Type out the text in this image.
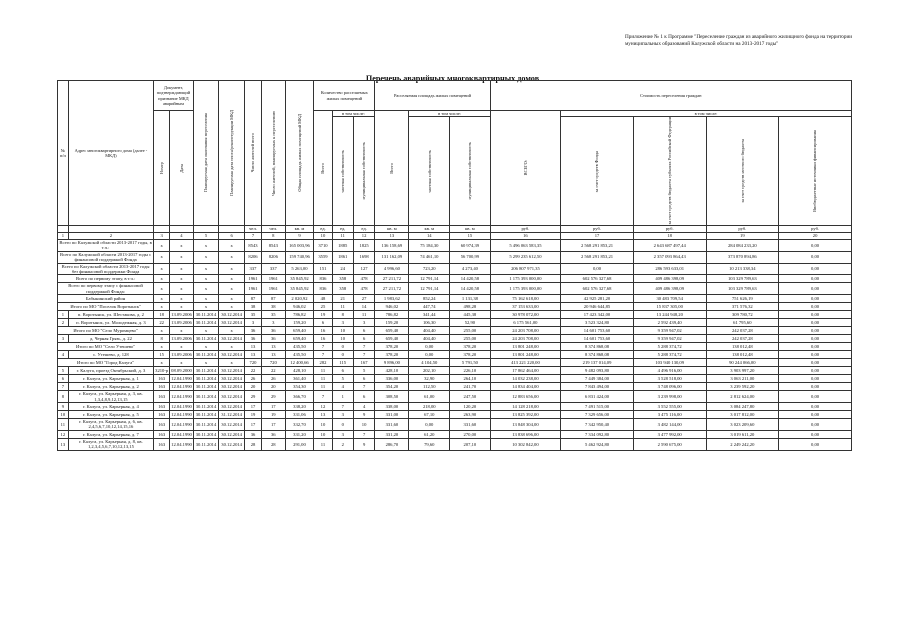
Приложение № 1 к Программе "Переселение граждан из аварийного жилищного фонда на территории муниципальных образований Калужской области на 2013-2017 годы"
Перечень аварийных многоквартирных домов
№ п/п	Адрес многоквартирного дома (далее - МКД)	Документ, подтверждающий признание МКД аварийным		Планируемая дата окончания переселения	Планируемая дата сноса/реконструкции МКД	Число жителей всего	Число жителей, планируемых к переселению	Общая площадь жилых помещений МКД	Количество расселяемых жилых помещений			Расселяемая площадь жилых помещений			Стоимость переселения граждан				

		Номер	Дата						Всего	в том числе:		Всего	в том числе:		ВСЕГО:	в том числе:			

										частная собственность	муниципальная собственность		частная собственность	муниципальная собственность		за счет средств Фонда	за счет средств бюджета субъекта Российской Федерации	за счет средств местного бюджета	Внебюджетные источники финансирования

						чел.	чел.	кв. м	ед.	ед.	ед.	кв. м	кв. м	кв. м	руб.	руб.	руб.	руб.	руб.
1	2	3	4	5	6	7	8	9	10	11	12	13	14	15	16	17	18	19	20
Всего по Калужской области 2013-2017 годы, в т.ч.:		x	x	x	x	8543	8543	165 003,96	3710	1885	1825	136 158,69	75 184,30	60 974,39	5 496 063 583,35	2 568 291 853,21	2 643 687 497,44	284 084 233,20	0,00
Всего по Калужской области 2013-2017 годы с финансовой поддержкой Фонда		x	x	x	x	8206	8206	159 740,96	3559	1861	1698	131 162,09	74 461,10	56 700,99	5 299 235 612,50	2 568 291 853,21	2 357 093 864,43	373 870 894,86	0,00
Всего по Калужской области 2013-2017 годы без финансовой поддержки Фонда		x	x	x	x	337	337	5 263,00	151	24	127	4 996,60	723,20	4 273,40	206 807 971,35	0,00	286 593 633,01	10 213 338,34	0,00
Всего по первому этапу, в т.ч.:		x	x	x	x	1961	1961	35 845,92	836	358	478	27 211,72	12 791,14	14 420,58	1 175 393 000,00	602 576 327,68	409 486 398,09	103 329 789,63	0,00
Всего по первому этапу с финансовой поддержкой Фонда:		x	x	x	x	1961	1961	35 845,92	836	358	478	27 211,72	12 791,14	14 420,58	1 175 393 000,00	602 576 327,68	409 486 398,09	103 329 789,63	0,00
Бабынинский район		x	x	x	x	87	87	2 020,92	48	21	27	1 983,62	852,24	1 131,38	75 162 618,00	42 925 281,20	30 483 709,54	751 626,19	0,00
Итого по МО "Поселок Воротынск"		x	x	x	x	38	38	946,02	25	11	14	946,02	447,74	498,28	37 153 633,00	20 946 644,85	15 837 305,00	371 576,32	0,00
1	п. Воротынск, ул. Шестакова, д. 2	18	13.09.2006	30.11.2014	30.12.2014	35	35	786,82	19	8	11	786,82	341,44	445,38	30 978 072,00	17 423 342,00	13 244 948,20	309 780,72	0,00
2	п. Воротынск, ул. Молодежная, д. 3	22	13.09.2006	30.11.2014	30.12.2014	3	3	159,20	6	3	3	159,20	106,30	52,90	6 175 561,00	3 523 324,80	2 592 439,40	61 795,60	0,00
Итого по МО "Село Муромцево"		x	x	x	x	36	36	659,40	16	10	6	659,40	404,40	255,00	24 203 708,00	14 601 753,60	9 359 947,02	242 037,28	0,00
3	д. Черная Грязь, д. 22	8	13.09.2006	30.11.2014	30.12.2014	36	36	659,40	16	10	6	659,40	404,40	255,00	24 203 708,00	14 601 753,60	9 359 947,02	242 037,28	0,00
Итого по МО "Село Утешево"		x	x	x	x	13	13	435,50	7	0	7	378,20	0,00	378,20	13 801 248,00	8 374 868,08	5 288 374,72	138 012,48	0,00
4	с. Утешево, д. 128	15	13.09.2006	30.11.2014	30.12.2014	13	13	435,50	7	0	7	378,20	0,00	378,20	13 801 248,00	8 374 868,08	5 288 374,72	138 012,48	0,00
Итого по МО "Город Калуга"		x	x	x	x	720	720	12 400,66	282	115	167	9 896,00	4 104,50	5 791,50	413 221 220,00	219 137 014,09	103 940 130,09	90 244 066,00	0,00
5	г. Калуга, проезд Октябрьский, д. 3	3210-р	08.09.2000	30.11.2014	30.12.2014	22	22	428,10	11	6	5	428,10	202,10	226,10	17 862 464,00	9 482 093,80	4 496 916,00	3 903 997,20	0,00
6	г. Калуга, ул. Карьерная, д. 1	163	12.04.1990	30.11.2014	30.12.2014	26	26	361,40	11	5	6	336,00	32,90	264,10	14 032 238,00	7 449 384,00	3 528 518,00	3 063 211,00	0,00
7	г. Калуга, ул. Карьерная, д. 2	163	12.04.1990	30.11.2014	30.12.2014	20	20	354,30	11	4	7	354,20	112,50	241,70	14 834 404,00	7 843 494,00	3 748 096,00	3 239 592,20	0,00
8	г. Калуга, ул. Карьерная, д. 3, кв. 1,3,4,8,9,12,13,15	163	12.04.1990	30.11.2014	30.12.2014	29	29	366,70	7	1	6	308,50	61,00	247,50	12 883 656,00	6 831 424,00	3 239 998,00	2 812 624,00	0,00
9	г. Калуга, ул. Карьерная, д. 4	163	12.04.1990	30.11.2014	30.12.2014	17	17	338,20	12	7	4	338,00	218,00	120,20	14 128 218,00	7 491 515,00	3 552 555,00	3 084 247,80	0,00
10	г. Калуга, ул. Карьерная, д. 5	163	12.04.1990	30.11.2014	31.12.2014	19	19	331,06	13	3	9	331,00	67,10	263,90	13 825 392,00	7 329 656,00	3 475 116,00	3 017 812,00	0,00
11	г. Калуга, ул. Карьерная, д. 6, кв. 2,4,5,6,7,10,12,14,15,16	163	12.04.1990	30.11.2014	30.12.2014	17	17	332,70	10	0	10	331,60	0,00	331,60	13 848 304,00	7 342 950,40	3 482 144,00	3 023 209,60	0,00
12	г. Калуга, ул. Карьерная, д. 7	163	12.04.1990	30.11.2014	30.12.2014	36	36	331,20	10	3	7	331,20	61,20	270,00	13 838 696,00	7 334 092,80	3 477 992,00	3 019 611,20	0,00
13	г. Калуга, ул. Карьерная, д. 8, кв. 1,2,3,4,5,6,7,10,12,13,15	163	12.04.1990	30.11.2014	30.12.2014	28	28	291,00	11	2	9	286,70	79,60	207,10	10 302 842,00	5 462 924,80	2 590 675,00	2 249 242,20	0,00
